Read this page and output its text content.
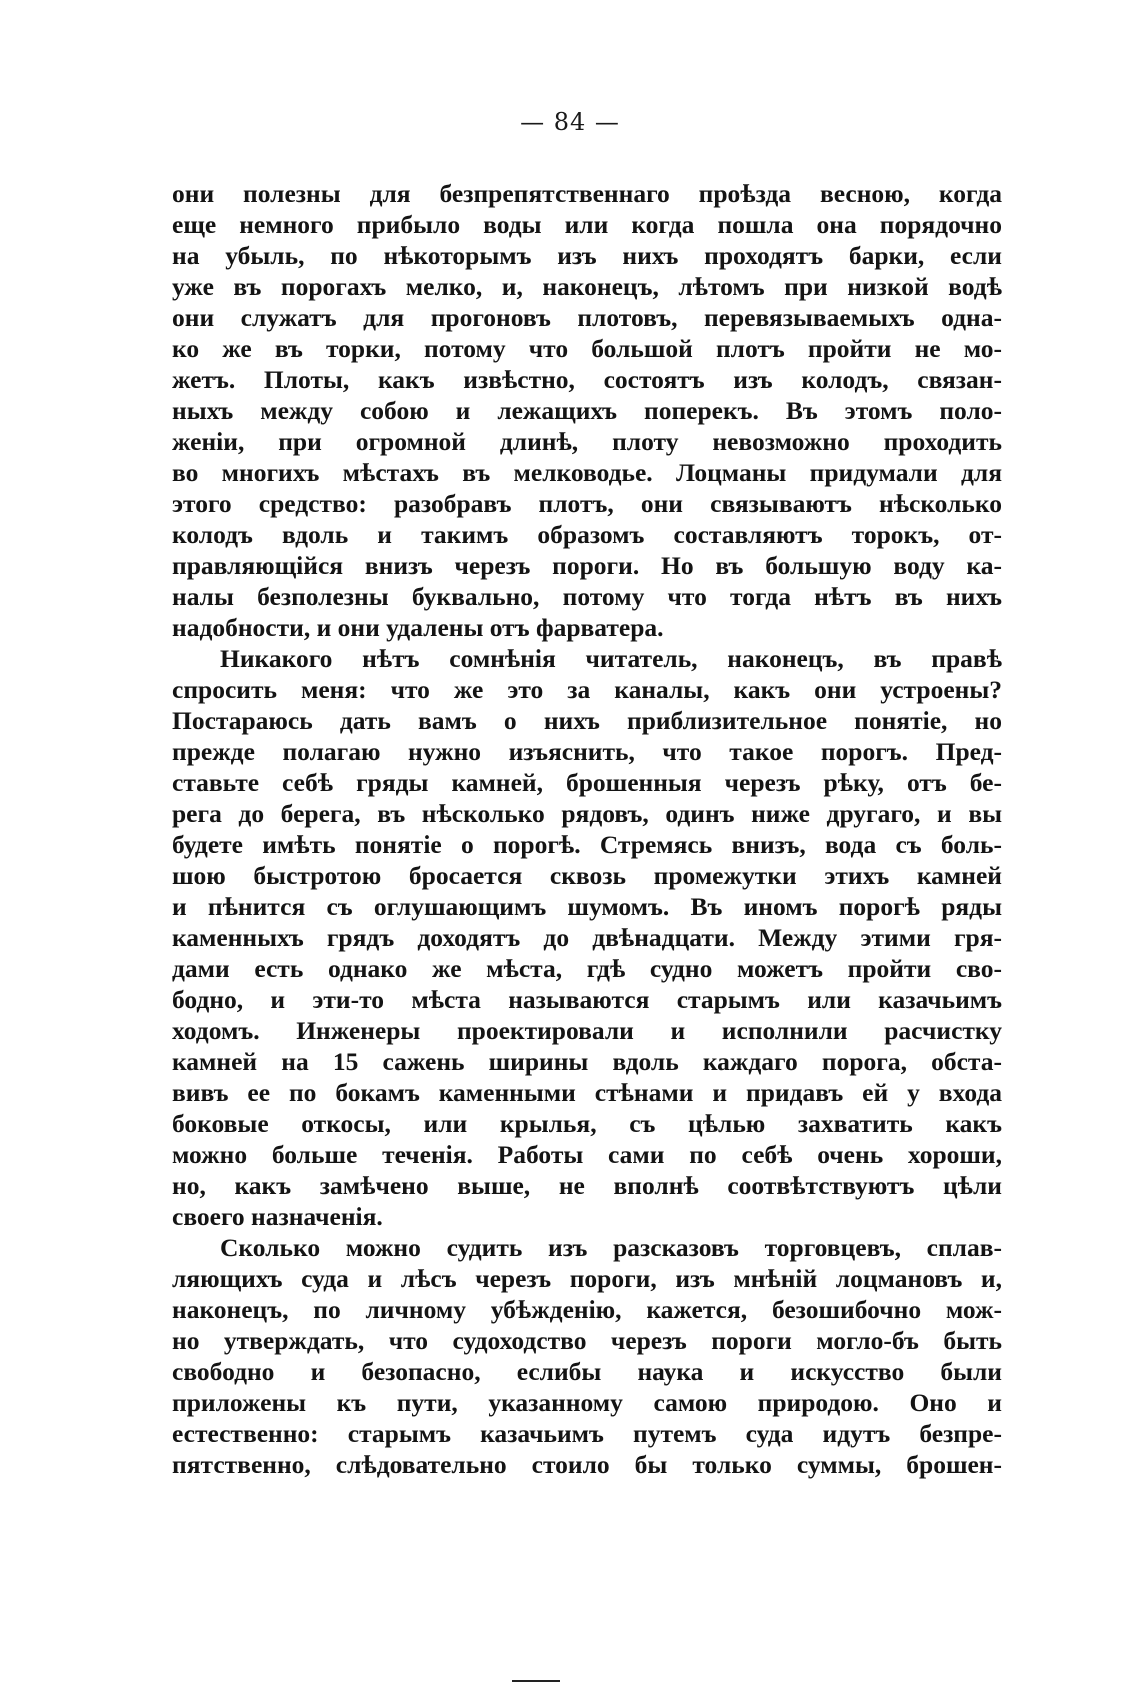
— 84 —
они полезны для безпрепятственнаго проѣзда весною, когда
еще немного прибыло воды или когда пошла она порядочно
на убыль, по нѣкоторымъ изъ нихъ проходятъ барки, если
уже въ порогахъ мелко, и, наконецъ, лѣтомъ при низкой водѣ
они служатъ для прогоновъ плотовъ, перевязываемыхъ одна-
ко же въ торки, потому что большой плотъ пройти не мо-
жетъ. Плоты, какъ извѣстно, состоятъ изъ колодъ, связан-
ныхъ между собою и лежащихъ поперекъ. Въ этомъ поло-
женіи, при огромной длинѣ, плоту невозможно проходить
во многихъ мѣстахъ въ мелководье. Лоцманы придумали для
этого средство: разобравъ плотъ, они связываютъ нѣсколько
колодъ вдоль и такимъ образомъ составляютъ торокъ, от-
правляющійся внизъ черезъ пороги. Но въ большую воду ка-
налы безполезны буквально, потому что тогда нѣтъ въ нихъ
надобности, и они удалены отъ фарватера.
Никакого нѣтъ сомнѣнія читатель, наконецъ, въ правѣ
спросить меня: что же это за каналы, какъ они устроены?
Постараюсь дать вамъ о нихъ приблизительное понятіе, но
прежде полагаю нужно изъяснить, что такое порогъ. Пред-
ставьте себѣ гряды камней, брошенныя черезъ рѣку, отъ бе-
рега до берега, въ нѣсколько рядовъ, одинъ ниже другаго, и вы
будете имѣть понятіе о порогѣ. Стремясь внизъ, вода съ боль-
шою быстротою бросается сквозь промежутки этихъ камней
и пѣнится съ оглушающимъ шумомъ. Въ иномъ порогѣ ряды
каменныхъ грядъ доходятъ до двѣнадцати. Между этими гря-
дами есть однако же мѣста, гдѣ судно можетъ пройти сво-
бодно, и эти-то мѣста называются старымъ или казачьимъ
ходомъ. Инженеры проектировали и исполнили расчистку
камней на 15 сажень ширины вдоль каждаго порога, обста-
вивъ ее по бокамъ каменными стѣнами и придавъ ей у входа
боковые откосы, или крылья, съ цѣлью захватить какъ
можно больше теченія. Работы сами по себѣ очень хороши,
но, какъ замѣчено выше, не вполнѣ соотвѣтствуютъ цѣли
своего назначенія.
Сколько можно судить изъ разсказовъ торговцевъ, сплав-
ляющихъ суда и лѣсъ черезъ пороги, изъ мнѣній лоцмановъ и,
наконецъ, по личному убѣжденію, кажется, безошибочно мож-
но утверждать, что судоходство черезъ пороги могло-бъ быть
свободно и безопасно, еслибы наука и искусство были
приложены къ пути, указанному самою природою. Оно и
естественно: старымъ казачьимъ путемъ суда идутъ безпре-
пятственно, слѣдовательно стоило бы только суммы, брошен-
